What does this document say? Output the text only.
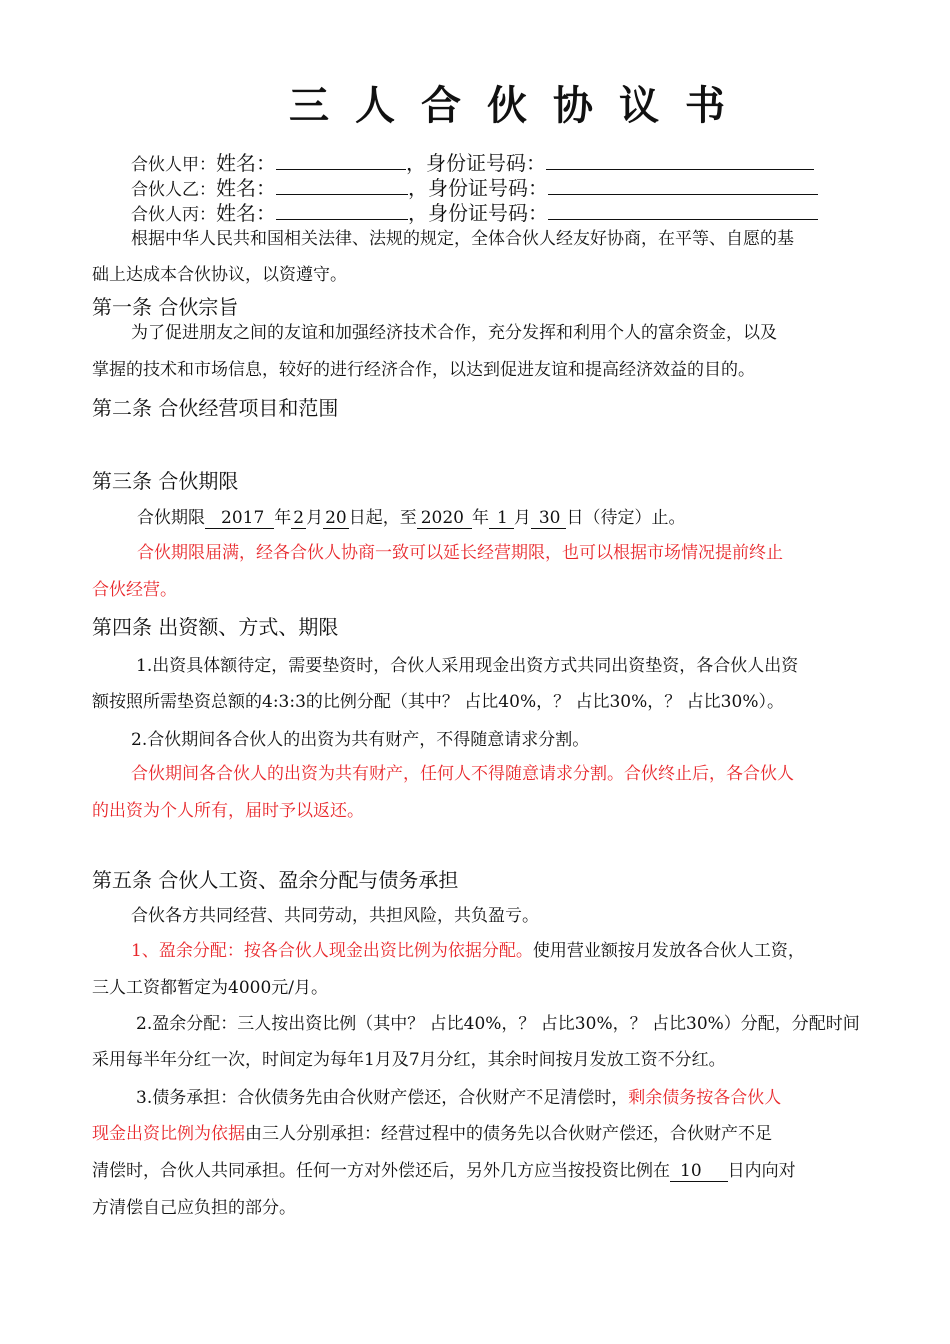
三人合伙协议书
合伙人甲：姓名：	，身份证号码：
合伙人乙：姓名：	，身份证号码：
合伙人丙：姓名：	，身份证号码：
根据中华人民共和国相关法律、法规的规定，全体合伙人经友好协商，在平等、自愿的基
础上达成本合伙协议，以资遵守。
第一条 合伙宗旨
为了促进朋友之间的友谊和加强经济技术合作，充分发挥和利用个人的富余资金，以及
掌握的技术和市场信息，较好的进行经济合作，以达到促进友谊和提高经济效益的目的。
第二条 合伙经营项目和范围
第三条 合伙期限
合伙期限 2017 年 2 月 20 日起，至 2020 年 1 月 30 日（待定）止。
合伙期限届满，经各合伙人协商一致可以延长经营期限，也可以根据市场情况提前终止
合伙经营。
第四条 出资额、方式、期限
1.出资具体额待定，需要垫资时，合伙人采用现金出资方式共同出资垫资，各合伙人出资
额按照所需垫资总额的4:3:3的比例分配（其中？ 占比40%，？ 占比30%，？ 占比30%）。
2.合伙期间各合伙人的出资为共有财产，不得随意请求分割。
合伙期间各合伙人的出资为共有财产，任何人不得随意请求分割。合伙终止后，各合伙人
的出资为个人所有，届时予以返还。
第五条 合伙人工资、盈余分配与债务承担
合伙各方共同经营、共同劳动，共担风险，共负盈亏。
1、盈余分配：按各合伙人现金出资比例为依据分配。使用营业额按月发放各合伙人工资，
三人工资都暂定为4000元/月。
2.盈余分配：三人按出资比例（其中？ 占比40%，？ 占比30%，？ 占比30%）分配，分配时间
采用每半年分红一次，时间定为每年1月及7月分红，其余时间按月发放工资不分红。
3.债务承担：合伙债务先由合伙财产偿还，合伙财产不足清偿时，剩余债务按各合伙人
现金出资比例为依据由三人分别承担：经营过程中的债务先以合伙财产偿还，合伙财产不足
清偿时，合伙人共同承担。任何一方对外偿还后，另外几方应当按投资比例在 10 日内向对
方清偿自己应负担的部分。
